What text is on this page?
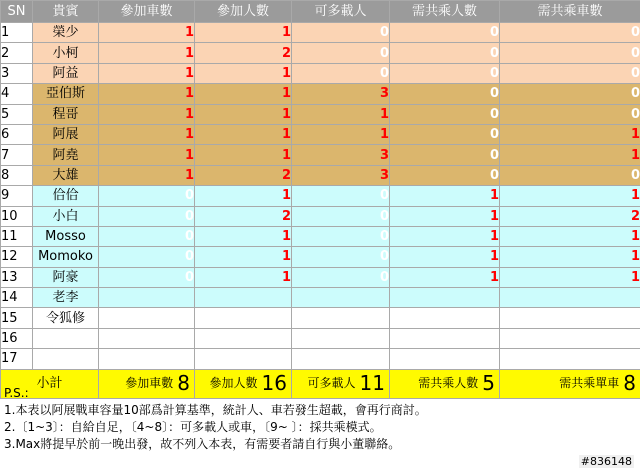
SN	貴賓	參加車數	參加人數	可多載人	需共乘人數	需共乘車數
1	榮少	1	1	0	0	0
2	小柯	1	2	0	0	0
3	阿益	1	1	0	0	0
4	亞伯斯	1	1	3	0	0
5	程哥	1	1	1	0	0
6	阿展	1	1	1	0	1
7	阿堯	1	1	3	0	1
8	大雄	1	2	3	0	0
9	佮佮	0	1	0	1	1
10	小白	0	2	0	1	2
11	Mosso	0	1	0	1	1
12	Momoko	0	1	0	1	1
13	阿豪	0	1	0	1	1
14	老李					
15	令狐修					
16						
17						
小計		參加車數 8	參加人數 16	可多載人 11	需共乘人數 5	需共乘單車 8
P.S.:
1.本表以阿展戰車容量10部爲計算基準，統計人、車若發生超載，會再行商討。
2.〔1~3〕：自給自足，〔4~8〕：可多載人或車，〔9~ 〕：採共乘模式。
3.Max將提早於前一晚出發，故不列入本表，有需要者請自行與小董聯絡。
#836148
